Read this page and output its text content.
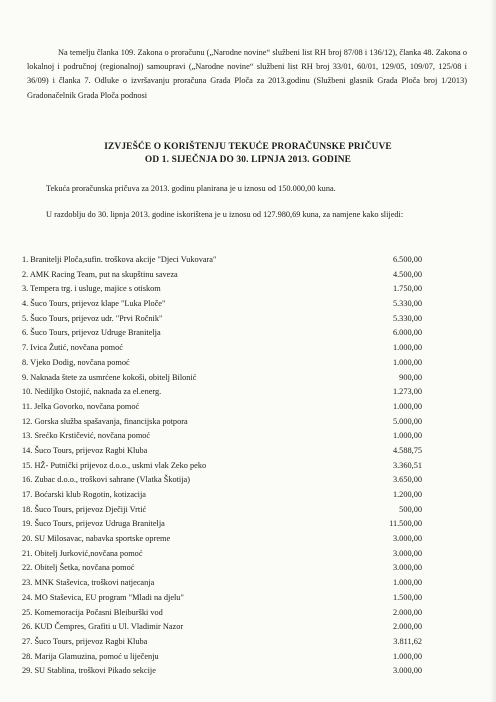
Na temelju članka 109. Zakona o proračunu („Narodne novine“ službeni list RH broj 87/08 i 136/12), članka 48. Zakona o lokalnoj i područnoj (regionalnoj) samoupravi („Narodne novine“ službeni list RH broj 33/01, 60/01, 129/05, 109/07, 125/08 i 36/09) i članka 7. Odluke o izvršavanju proračuna Grada Ploča za 2013.godinu (Službeni glasnik Grada Ploča broj 1/2013) Gradonačelnik Grada Ploča podnosi
IZVJEŠĆE O KORIŠTENJU TEKUĆE PRORAČUNSKE PRIČUVE
OD 1. SIJEČNJA DO 30. LIPNJA 2013. GODINE
Tekuća proračunska pričuva za 2013. godinu planirana je u iznosu od 150.000,00 kuna.
U razdoblju do 30. lipnja 2013. godine iskorištena je u iznosu od 127.980,69 kuna, za namjene kako slijedi:
1. Branitelji Ploča,sufin. troškova akcije "Djeci Vukovara"	6.500,00
2. AMK Racing Team, put na skupštinu saveza	4.500,00
3. Tempera trg. i usluge, majice s otiskom	1.750,00
4. Šuco Tours, prijevoz klape "Luka Ploče"	5.330,00
5. Šuco Tours, prijevoz udr. "Prvi Ročnik"	5.330,00
6. Šuco Tours, prijevoz Udruge Branitelja	6.000,00
7. Ivica Žutić, novčana pomoć	1.000,00
8. Vjeko Dodig, novčana pomoć	1.000,00
9. Naknada štete za usmrćene kokoši, obitelj Bilonić	900,00
10. Nediljko Ostojić, naknada za el.energ.	1.273,00
11. Jelka Govorko, novčana pomoć	1.000,00
12. Gorska služba spašavanja, financijska potpora	5.000,00
13. Srećko Krstičević, novčana pomoć	1.000,00
14. Šuco Tours, prijevoz Ragbi Kluba	4.588,75
15. HŽ- Putnički prijevoz d.o.o., uskmi vlak Zeko peko	3.360,51
16. Zubac d.o.o., troškovi sahrane (Vlatka Škotija)	3.650,00
17. Boćarski klub Rogotin, kotizacija	1.200,00
18. Šuco Tours, prijevoz Dječiji Vrtić	500,00
19. Šuco Tours, prijevoz Udruga Branitelja	11.500,00
20. SU Milosavac, nabavka sportske opreme	3.000,00
21. Obitelj Jurković,novčana pomoć	3.000,00
22. Obitelj Šetka, novčana pomoć	3.000,00
23. MNK Staševica, troškovi natjecanja	1.000,00
24. MO Staševica, EU program "Mladi na djelu"	1.500,00
25. Komemoracija Počasni Bleiburški vod	2.000,00
26. KUD Čempres, Grafiti u Ul. Vladimir Nazor	2.000,00
27. Šuco Tours, prijevoz Ragbi Kluba	3.811,62
28. Marija Glamuzina, pomoć u liječenju	1.000,00
29. SU Stablina, troškovi Pikado sekcije	3.000,00
